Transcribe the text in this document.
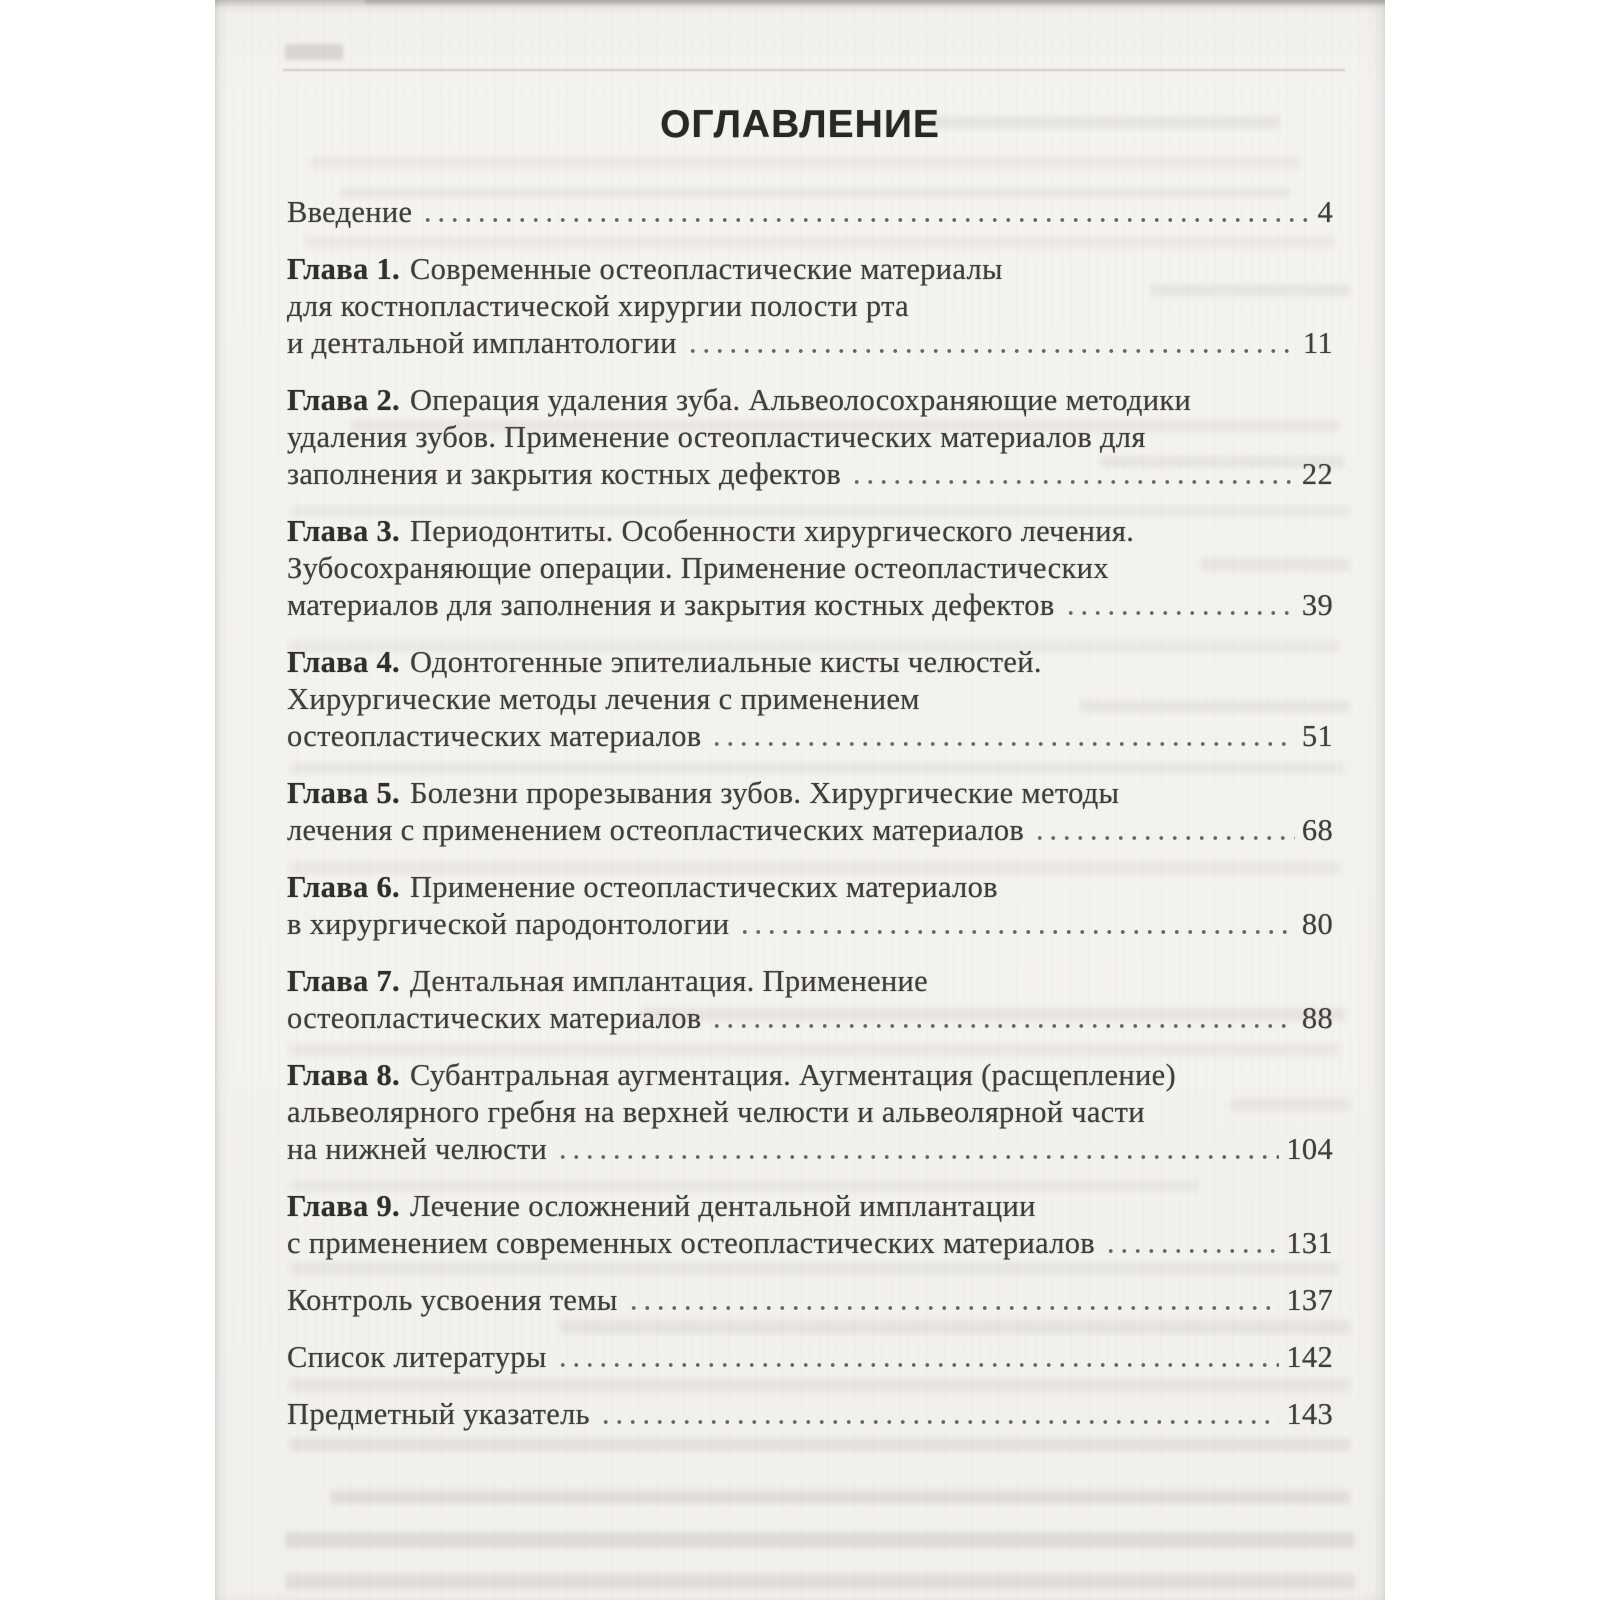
ОГЛАВЛЕНИЕ
Введение	4
Глава 1. Современные остеопластические материалы
для костнопластической хирургии полости рта
и дентальной имплантологии	11
Глава 2. Операция удаления зуба. Альвеолосохраняющие методики
удаления зубов. Применение остеопластических материалов для
заполнения и закрытия костных дефектов	22
Глава 3. Периодонтиты. Особенности хирургического лечения.
Зубосохраняющие операции. Применение остеопластических
материалов для заполнения и закрытия костных дефектов	39
Глава 4. Одонтогенные эпителиальные кисты челюстей.
Хирургические методы лечения с применением
остеопластических материалов	51
Глава 5. Болезни прорезывания зубов. Хирургические методы
лечения с применением остеопластических материалов	68
Глава 6. Применение остеопластических материалов
в хирургической пародонтологии	80
Глава 7. Дентальная имплантация. Применение
остеопластических материалов	88
Глава 8. Субантральная аугментация. Аугментация (расщепление)
альвеолярного гребня на верхней челюсти и альвеолярной части
на нижней челюсти	104
Глава 9. Лечение осложнений дентальной имплантации
с применением современных остеопластических материалов	131
Контроль усвоения темы	137
Список литературы	142
Предметный указатель	143
